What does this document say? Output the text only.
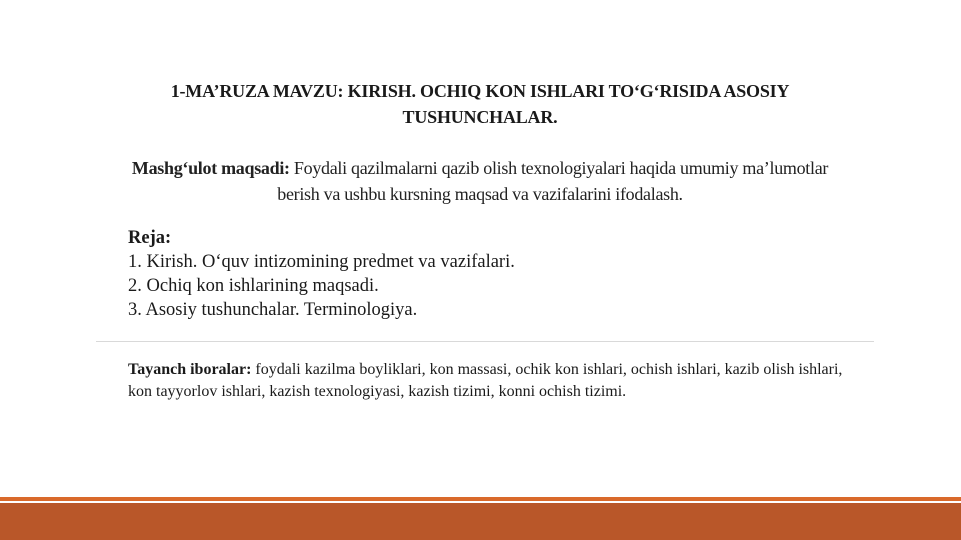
1-MA’RUZA MAVZU: KIRISH. OCHIQ KON ISHLARI TO‘G‘RISIDA ASOSIY TUSHUNCHALAR.
Mashg‘ulot maqsadi: Foydali qazilmalarni qazib olish texnologiyalari haqida umumiy ma’lumotlar berish va ushbu kursning maqsad va vazifalarini ifodalash.
Reja:
1. Kirish. O‘quv intizomining predmet va vazifalari.
2. Ochiq kon ishlarining maqsadi.
3. Asosiy tushunchalar. Terminologiya.
Tayanch iboralar: foydali kazilma boyliklari, kon massasi, ochik kon ishlari, ochish ishlari, kazib olish ishlari, kon tayyorlov ishlari, kazish texnologiyasi, kazish tizimi, konni ochish tizimi.
